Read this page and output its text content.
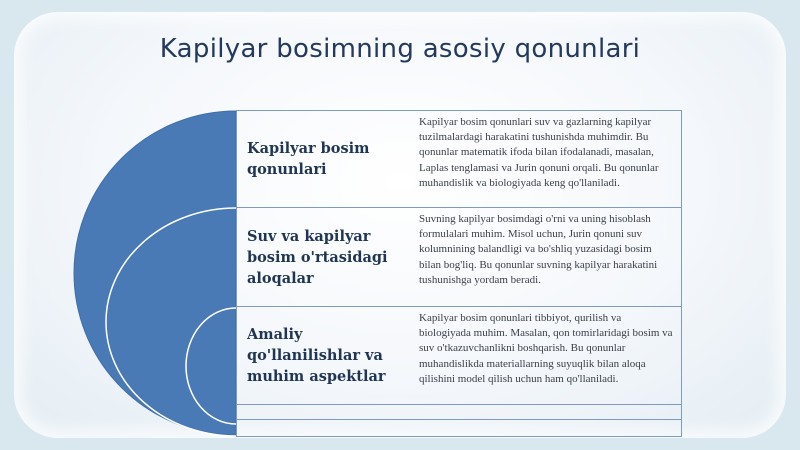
Kapilyar bosimning asosiy qonunlari
Kapilyar bosim qonunlari
Kapilyar bosim qonunlari suv va gazlarning kapilyar tuzilmalardagi harakatini tushunishda muhimdir. Bu qonunlar matematik ifoda bilan ifodalanadi, masalan, Laplas tenglamasi va Jurin qonuni orqali. Bu qonunlar muhandislik va biologiyada keng qo'llaniladi.
Suv va kapilyar bosim o'rtasidagi aloqalar
Suvning kapilyar bosimdagi o'rni va uning hisoblash formulalari muhim. Misol uchun, Jurin qonuni suv kolumnining balandligi va bo'shliq yuzasidagi bosim bilan bog'liq. Bu qonunlar suvning kapilyar harakatini tushunishga yordam beradi.
Amaliy qo'llanilishlar va muhim aspektlar
Kapilyar bosim qonunlari tibbiyot, qurilish va biologiyada muhim. Masalan, qon tomirlaridagi bosim va suv o'tkazuvchanlikni boshqarish. Bu qonunlar muhandislikda materiallarning suyuqlik bilan aloqa qilishini model qilish uchun ham qo'llaniladi.
